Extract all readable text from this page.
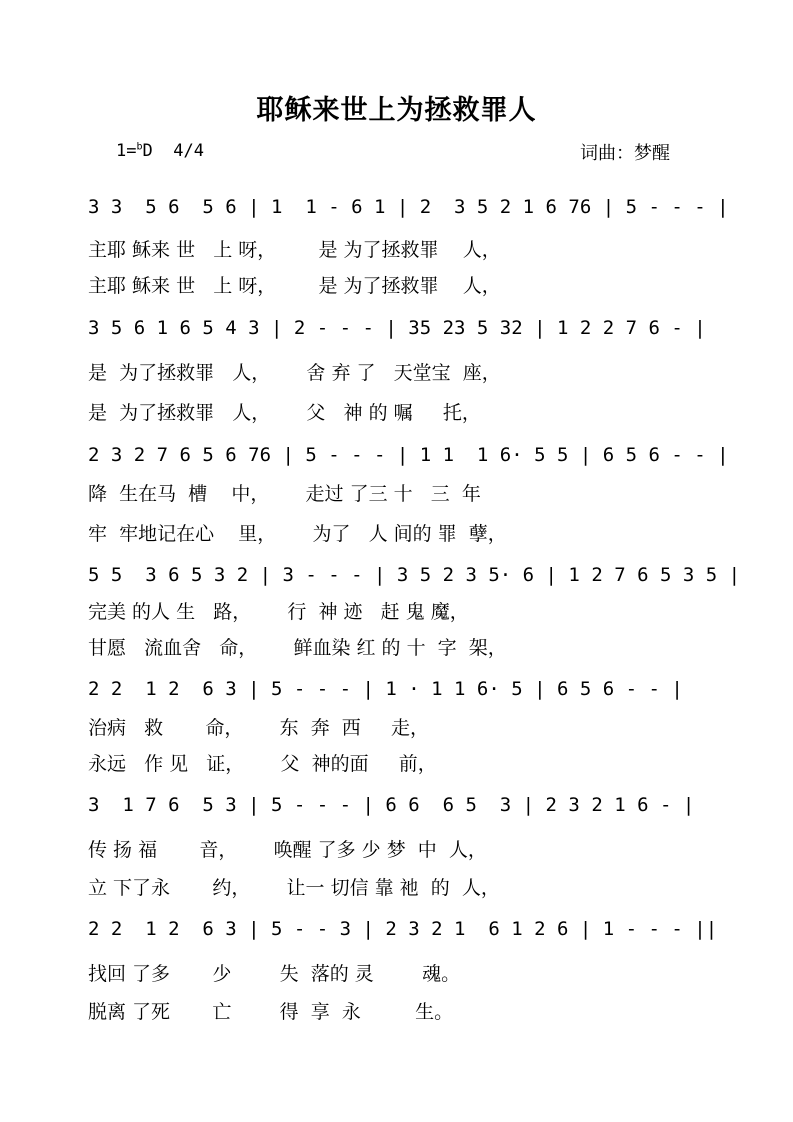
耶稣来世上为拯救罪人
1=$^b$D 4/4	词曲：梦醒
3 3  5 6  5 6 | 1  1 - 6 1 | 2  3 5 2 1 6 76 | 5 - - - |
主耶 稣来 世   上 呀，       是 为了拯救罪    人，
主耶 稣来 世   上 呀，       是 为了拯救罪    人，
3 5 6 1 6 5 4 3 | 2 - - - | 35 23 5 32 | 1 2 2 7 6 - |
是  为了拯救罪   人，      舍 弃 了   天堂宝  座，
是  为了拯救罪   人，      父   神 的 嘱     托，
2 3 2 7 6 5 6 76 | 5 - - - | 1 1  1 6· 5 5 | 6 5 6 - - |
降  生在马  槽    中，      走过 了三 十   三  年
牢  牢地记在心    里，      为了   人 间的 罪  孽，
5 5  3 6 5 3 2 | 3 - - - | 3 5 2 3 5· 6 | 1 2 7 6 5 3 5 |
完美 的人 生   路，      行  神 迹   赶 鬼 魔，
甘愿   流血舍   命，      鲜血染 红 的 十  字  架，
2 2  1 2  6 3 | 5 - - - | 1 · 1 1 6· 5 | 6 5 6 - - |
治病   救       命，      东  奔  西     走，
永远   作 见   证，      父  神的面     前，
3  1 7 6  5 3 | 5 - - - | 6 6  6 5  3 | 2 3 2 1 6 - |
传 扬 福       音，      唤醒 了多 少 梦  中  人，
立 下了永       约，      让一 切信 靠 祂  的  人，
2 2  1 2  6 3 | 5 - - 3 | 2 3 2 1  6 1 2 6 | 1 - - - ||
找回 了多       少        失  落的 灵        魂。
脱离 了死       亡        得  享  永         生。
